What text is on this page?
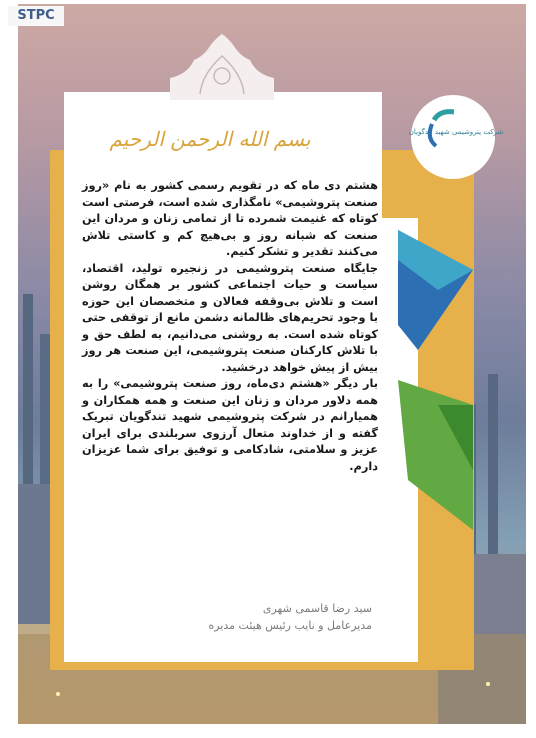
STPC
بسم الله الرحمن الرحیم	شرکت پتروشیمی شهید تندگویان

هشتم دی ماه که در تقویم رسمی کشور به نام «روز صنعت پتروشیمی» نامگذاری شده است، فرصتی است کوتاه که غنیمت شمرده تا از تمامی زنان و مردان این صنعت که شبانه روز و بی‌هیچ کم و کاستی تلاش می‌کنند تقدیر و تشکر کنیم.

جایگاه صنعت پتروشیمی در زنجیره تولید، اقتصاد، سیاست و حیات اجتماعی کشور بر همگان روشن است و تلاش بی‌وقفه فعالان و متخصصان این حوزه با وجود تحریم‌های ظالمانه دشمن مانع از توقفی حتی کوتاه شده است. به روشنی می‌دانیم، به لطف حق و با تلاش کارکنان صنعت پتروشیمی، این صنعت هر روز بیش از پیش خواهد درخشید.

بار دیگر «هشتم دی‌ماه، روز صنعت پتروشیمی» را به همه دلاور مردان و زنان این صنعت و همه همکاران و همیارانم در شرکت پتروشیمی شهید تندگویان تبریک گفته و از خداوند متعال آرزوی سربلندی برای ایران عزیز و سلامتی، شادکامی و توفیق برای شما عزیزان دارم.

سید رضا قاسمی شهری
مدیرعامل و نایب رئیس هیئت مدیره
